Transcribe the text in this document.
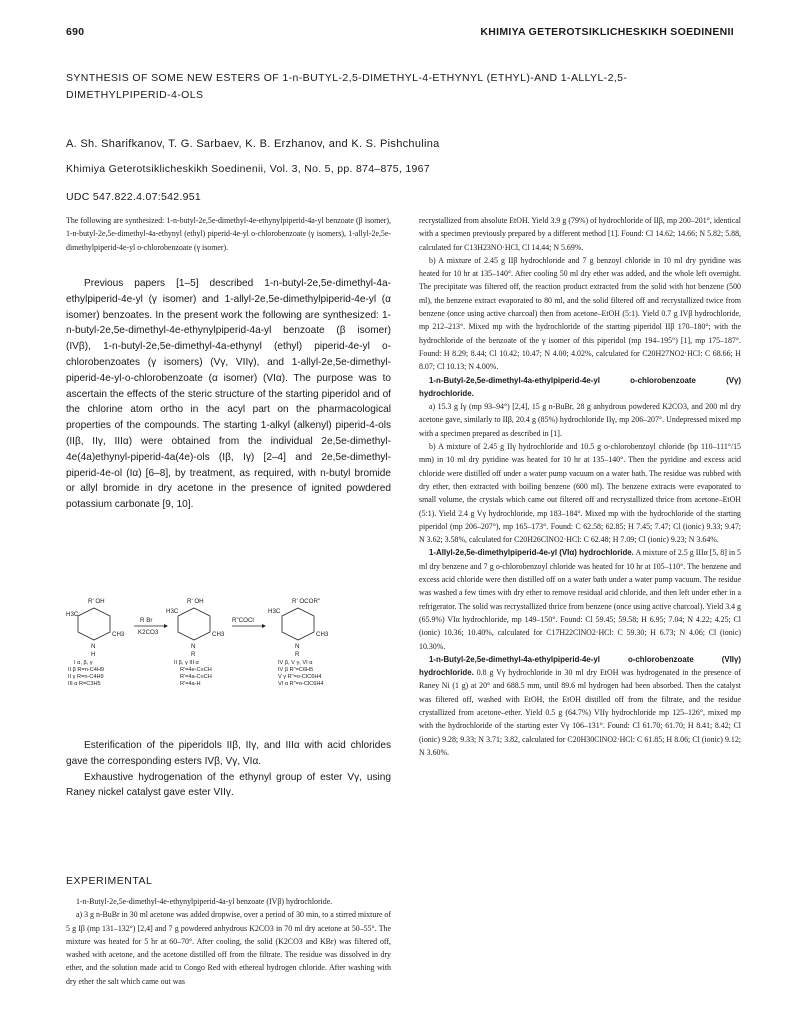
690	KHIMIYA GETEROTSIKLICHESKIKH SOEDINENII
SYNTHESIS OF SOME NEW ESTERS OF 1-n-BUTYL-2,5-DIMETHYL-4-ETHYNYL (ETHYL)-AND 1-ALLYL-2,5-DIMETHYLPIPERID-4-OLS
A. Sh. Sharifkanov, T. G. Sarbaev, K. B. Erzhanov, and K. S. Pishchulina
Khimiya Geterotsiklicheskikh Soedinenii, Vol. 3, No. 5, pp. 874–875, 1967
UDC 547.822.4.07:542.951

The following are synthesized: 1-n-butyl-2e,5e-dimethyl-4e-ethynylpiperid-4a-yl benzoate (β isomer), 1-n-butyl-2e,5e-dimethyl-4a-ethynyl (ethyl) piperid-4e-yl o-chlorobenzoate (γ isomers), 1-allyl-2e,5e-dimethylpiperid-4e-yl o-chlorobenzoate (γ isomer).

Previous papers [1–5] described 1-n-butyl-2e,5e-dimethyl-4a-ethylpiperid-4e-yl (γ isomer) and 1-allyl-2e,5e-dimethylpiperid-4e-yl (α isomer) benzoates. In the present work the following are synthesized: 1-n-butyl-2e,5e-dimethyl-4e-ethynylpiperid-4a-yl benzoate (β isomer) (IVβ), 1-n-butyl-2e,5e-dimethyl-4a-ethynyl (ethyl) piperid-4e-yl o-chlorobenzoates (γ isomers) (Vγ, VIIγ), and 1-allyl-2e,5e-dimethyl-piperid-4e-yl-o-chlorobenzoate (α isomer) (VIα). The purpose was to ascertain the effects of the steric structure of the starting piperidol and of the chlorine atom ortho in the acyl part on the pharmacological properties of the compounds. The starting 1-alkyl (alkenyl) piperid-4-ols (IIβ, IIγ, IIIα) were obtained from the individual 2e,5e-dimethyl-4e(4a)ethynyl-piperid-4a(4e)-ols (Iβ, Iγ) [2–4] and 2e,5e-dimethyl-piperid-4e-ol (Iα) [6–8], by treatment, as required, with n-butyl bromide or allyl bromide in dry acetone in the presence of ignited powdered potassium carbonate [9, 10].

R' OH
H3C
CH3
N
H
R Br
K2CO3
R' OH
H3C
CH3
N
R
R"COCl
R' OCOR"
H3C
CH3
N
R
I α, β, γ
II β R=n-C4H9
II γ R=n-C4H9
III α R=C3H5
II β, γ III α
R'=4e-C≡CH
R'=4a-C≡CH
R'=4a-H
IV β, V γ, VI α
IV β R"=C6H5
V γ R"=o-ClC6H4
VI α R"=o-ClC6H4

Esterification of the piperidols IIβ, IIγ, and IIIα with acid chlorides gave the corresponding esters IVβ, Vγ, VIα.

Exhaustive hydrogenation of the ethynyl group of ester Vγ, using Raney nickel catalyst gave ester VIIγ.

EXPERIMENTAL

1-n-Butyl-2e,5e-dimethyl-4e-ethynylpiperid-4a-yl benzoate (IVβ) hydrochloride.

a) 3 g n-BuBr in 30 ml acetone was added dropwise, over a period of 30 min, to a stirred mixture of 5 g Iβ (mp 131–132°) [2,4] and 7 g powdered anhydrous K2CO3 in 70 ml dry acetone at 50–55°. The mixture was heated for 5 hr at 60–70°. After cooling, the solid (K2CO3 and KBr) was filtered off, washed with acetone, and the acetone distilled off from the filtrate. The residue was dissolved in dry ether, and the solution made acid to Congo Red with ethereal hydrogen chloride. After washing with dry ether the salt which came out was

recrystallized from absolute EtOH. Yield 3.9 g (79%) of hydrochloride of IIβ, mp 200–201°, identical with a specimen previously prepared by a different method [1]. Found: Cl 14.62; 14.66; N 5.82; 5.88, calculated for C13H23NO·HCl, Cl 14.44; N 5.69%.

b) A mixture of 2.45 g IIβ hydrochloride and 7 g benzoyl chloride in 10 ml dry pyridine was heated for 10 hr at 135–140°. After cooling 50 ml dry ether was added, and the whole left overnight. The precipitate was filtered off, the reaction product extracted from the solid with hot benzene (500 ml), the benzene extract evaporated to 80 ml, and the solid filtered off and recrystallized twice from benzene (once using active charcoal) then from acetone–EtOH (5:1). Yield 0.7 g IVβ hydrochloride, mp 212–213°. Mixed mp with the hydrochloride of the starting piperidol IIβ 170–180°; with the hydrochloride of the benzoate of the γ isomer of this piperidol (mp 194–195°) [1], mp 175–187°. Found: H 8.29; 8.44; Cl 10.42; 10.47; N 4.00; 4.02%, calculated for C20H27NO2·HCl: C 68.66; H 8.07; Cl 10.13; N 4.00%.

1-n-Butyl-2e,5e-dimethyl-4a-ethylpiperid-4e-yl o-chlorobenzoate (Vγ) hydrochloride.

a) 15.3 g Iγ (mp 93–94°) [2,4], 15 g n-BuBr, 28 g anhydrous powdered K2CO3, and 200 ml dry acetone gave, similarly to IIβ, 20.4 g (85%) hydrochloride IIγ, mp 206–207°. Undepressed mixed mp with a specimen prepared as described in [1].

b) A mixture of 2.45 g IIγ hydrochloride and 10.5 g o-chlorobenzoyl chloride (bp 110–111°/15 mm) in 10 ml dry pyridine was heated for 10 hr at 135–140°. Then the pyridine and excess acid chloride were distilled off under a water pump vacuum on a water bath. The residue was rubbed with dry ether, then extracted with boiling benzene (600 ml). The benzene extracts were evaporated to small volume, the crystals which came out filtered off and recrystallized thrice from acetone–EtOH (5:1). Yield 2.4 g Vγ hydrochloride, mp 183–184°. Mixed mp with the hydrochloride of the starting piperidol (mp 206–207°), mp 165–173°. Found: C 62.58; 62.85; H 7.45; 7.47; Cl (ionic) 9.33; 9.47; N 3.62; 3.58%, calculated for C20H26ClNO2·HCl: C 62.48; H 7.09; Cl (ionic) 9.23; N 3.64%.

1-Allyl-2e,5e-dimethylpiperid-4e-yl (VIα) hydrochloride. A mixture of 2.5 g IIIα [5, 8] in 5 ml dry benzene and 7 g o-chlorobenzoyl chloride was heated for 10 hr at 105–110°. The benzene and excess acid chloride were then distilled off on a water bath under a water pump vacuum. The residue was washed a few times with dry ether to remove residual acid chloride, and then left under ether in a refrigerator. The solid was recrystallized thrice from benzene (once using active charcoal). Yield 3.4 g (65.9%) VIα hydrochloride, mp 149–150°. Found: Cl 59.45; 59.58; H 6.95; 7.04; N 4.22; 4.25; Cl (ionic) 10.36; 10.40%, calculated for C17H22ClNO2·HCl: C 59.30; H 6.73; N 4.06; Cl (ionic) 10.30%.

1-n-Butyl-2e,5e-dimethyl-4a-ethylpiperid-4e-yl o-chlorobenzoate (VIIγ) hydrochloride. 0.8 g Vγ hydrochloride in 30 ml dry EtOH was hydrogenated in the presence of Raney Ni (1 g) at 20° and 688.5 mm, until 89.6 ml hydrogen had been absorbed. Then the catalyst was filtered off, washed with EtOH, the EtOH distilled off from the filtrate, and the residue crystallized from acetone–ether. Yield 0.5 g (64.7%) VIIγ hydrochloride mp 125–126°, mixed mp with the hydrochloride of the starting ester Vγ 106–131°. Found: Cl 61.70; 61.70; H 8.41; 8.42; Cl (ionic) 9.28; 9.33; N 3.71; 3.82, calculated for C20H30ClNO2·HCl: C 61.85; H 8.06; Cl (ionic) 9.12; N 3.60%.
